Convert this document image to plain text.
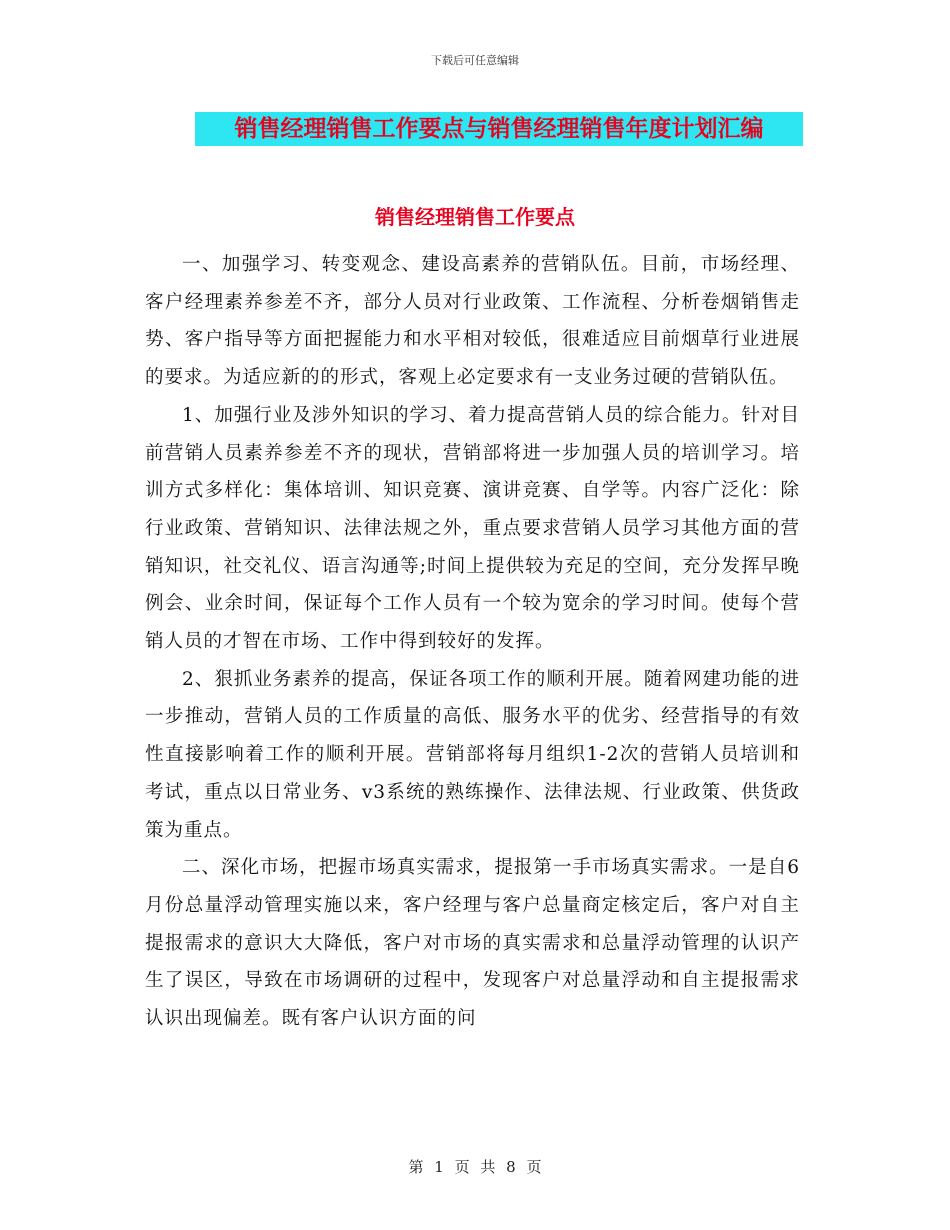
下载后可任意编辑
销售经理销售工作要点与销售经理销售年度计划汇编
销售经理销售工作要点

一、加强学习、转变观念、建设高素养的营销队伍。目前，市场经理、客户经理素养参差不齐，部分人员对行业政策、工作流程、分析卷烟销售走势、客户指导等方面把握能力和水平相对较低，很难适应目前烟草行业进展的要求。为适应新的的形式，客观上必定要求有一支业务过硬的营销队伍。

1、加强行业及涉外知识的学习、着力提高营销人员的综合能力。针对目前营销人员素养参差不齐的现状，营销部将进一步加强人员的培训学习。培训方式多样化：集体培训、知识竞赛、演讲竞赛、自学等。内容广泛化：除行业政策、营销知识、法律法规之外，重点要求营销人员学习其他方面的营销知识，社交礼仪、语言沟通等;时间上提供较为充足的空间，充分发挥早晚例会、业余时间，保证每个工作人员有一个较为宽余的学习时间。使每个营销人员的才智在市场、工作中得到较好的发挥。

2、狠抓业务素养的提高，保证各项工作的顺利开展。随着网建功能的进一步推动，营销人员的工作质量的高低、服务水平的优劣、经营指导的有效性直接影响着工作的顺利开展。营销部将每月组织1-2次的营销人员培训和考试，重点以日常业务、v3系统的熟练操作、法律法规、行业政策、供货政策为重点。

二、深化市场，把握市场真实需求，提报第一手市场真实需求。一是自6月份总量浮动管理实施以来，客户经理与客户总量商定核定后，客户对自主提报需求的意识大大降低，客户对市场的真实需求和总量浮动管理的认识产生了误区，导致在市场调研的过程中，发现客户对总量浮动和自主提报需求认识出现偏差。既有客户认识方面的问

第 1 页 共 8 页
